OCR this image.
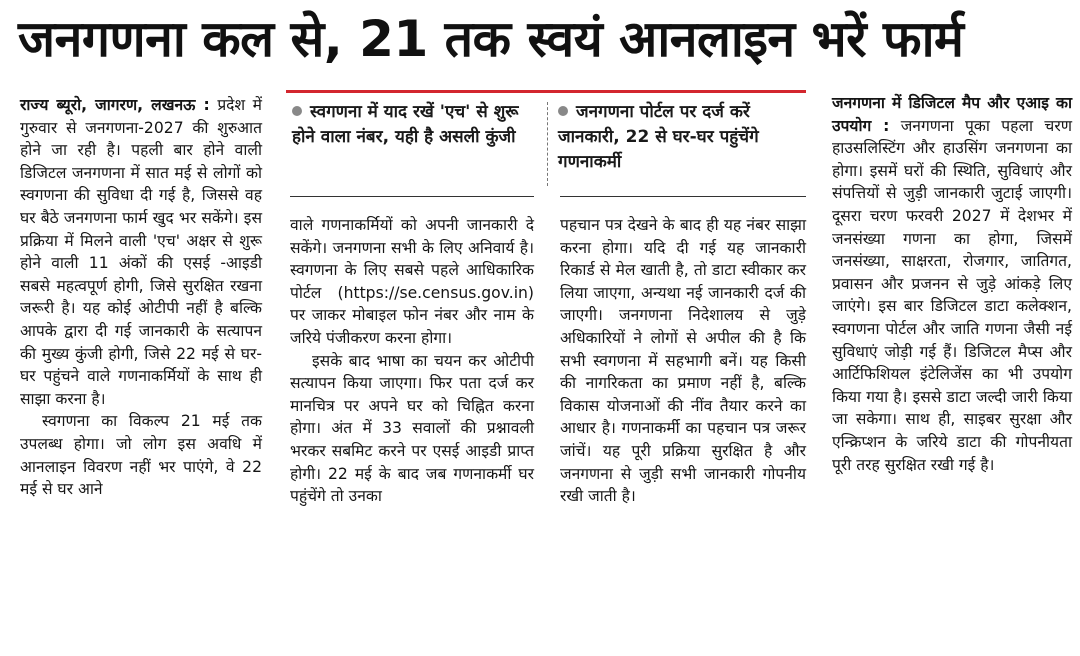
जनगणना कल से, 21 तक स्वयं आनलाइन भरें फार्म
स्वगणना में याद रखें 'एच' से शुरू होने वाला नंबर, यही है असली कुंजी
जनगणना पोर्टल पर दर्ज करें जानकारी, 22 से घर-घर पहुंचेंगे गणनाकर्मी

राज्य ब्यूरो, जागरण, लखनऊ : प्रदेश में गुरुवार से जनगणना-2027 की शुरुआत होने जा रही है। पहली बार होने वाली डिजिटल जनगणना में सात मई से लोगों को स्वगणना की सुविधा दी गई है, जिससे वह घर बैठे जनगणना फार्म खुद भर सकेंगे। इस प्रक्रिया में मिलने वाली 'एच' अक्षर से शुरू होने वाली 11 अंकों की एसई -आइडी सबसे महत्वपूर्ण होगी, जिसे सुरक्षित रखना जरूरी है। यह कोई ओटीपी नहीं है बल्कि आपके द्वारा दी गई जानकारी के सत्यापन की मुख्य कुंजी होगी, जिसे 22 मई से घर-घर पहुंचने वाले गणनाकर्मियों के साथ ही साझा करना है।

स्वगणना का विकल्प 21 मई तक उपलब्ध होगा। जो लोग इस अवधि में आनलाइन विवरण नहीं भर पाएंगे, वे 22 मई से घर आने

वाले गणनाकर्मियों को अपनी जानकारी दे सकेंगे। जनगणना सभी के लिए अनिवार्य है। स्वगणना के लिए सबसे पहले आधिकारिक पोर्टल (https://se.census.gov.in) पर जाकर मोबाइल फोन नंबर और नाम के जरिये पंजीकरण करना होगा।

इसके बाद भाषा का चयन कर ओटीपी सत्यापन किया जाएगा। फिर पता दर्ज कर मानचित्र पर अपने घर को चिह्नित करना होगा। अंत में 33 सवालों की प्रश्नावली भरकर सबमिट करने पर एसई आइडी प्राप्त होगी। 22 मई के बाद जब गणनाकर्मी घर पहुंचेंगे तो उनका

पहचान पत्र देखने के बाद ही यह नंबर साझा करना होगा। यदि दी गई यह जानकारी रिकार्ड से मेल खाती है, तो डाटा स्वीकार कर लिया जाएगा, अन्यथा नई जानकारी दर्ज की जाएगी। जनगणना निदेशालय से जुड़े अधिकारियों ने लोगों से अपील की है कि सभी स्वगणना में सहभागी बनें। यह किसी की नागरिकता का प्रमाण नहीं है, बल्कि विकास योजनाओं की नींव तैयार करने का आधार है। गणनाकर्मी का पहचान पत्र जरूर जांचें। यह पूरी प्रक्रिया सुरक्षित है और जनगणना से जुड़ी सभी जानकारी गोपनीय रखी जाती है।

जनगणना में डिजिटल मैप और एआइ का उपयोग : जनगणना पूका पहला चरण हाउसलिस्टिंग और हाउसिंग जनगणना का होगा। इसमें घरों की स्थिति, सुविधाएं और संपत्तियों से जुड़ी जानकारी जुटाई जाएगी। दूसरा चरण फरवरी 2027 में देशभर में जनसंख्या गणना का होगा, जिसमें जनसंख्या, साक्षरता, रोजगार, जातिगत, प्रवासन और प्रजनन से जुड़े आंकड़े लिए जाएंगे। इस बार डिजिटल डाटा कलेक्शन, स्वगणना पोर्टल और जाति गणना जैसी नई सुविधाएं जोड़ी गई हैं। डिजिटल मैप्स और आर्टिफिशियल इंटेलिजेंस का भी उपयोग किया गया है। इससे डाटा जल्दी जारी किया जा सकेगा। साथ ही, साइबर सुरक्षा और एन्क्रिप्शन के जरिये डाटा की गोपनीयता पूरी तरह सुरक्षित रखी गई है।
